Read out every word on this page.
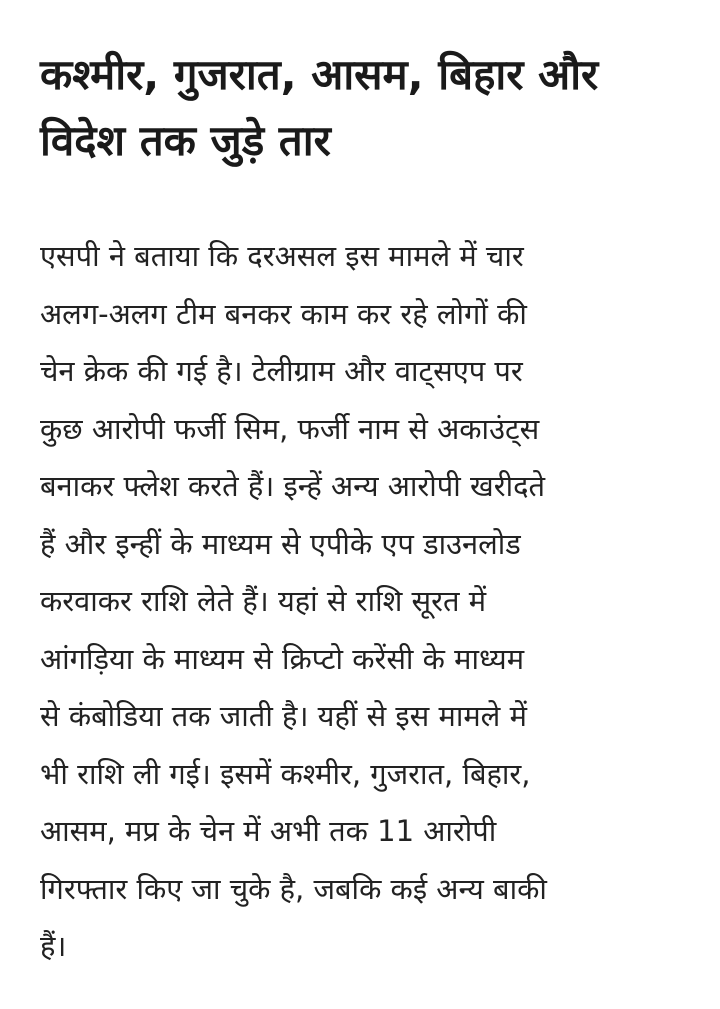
कश्मीर, गुजरात, आसम, बिहार और
विदेश तक जुड़े तार

एसपी ने बताया कि दरअसल इस मामले में चार
अलग-अलग टीम बनकर काम कर रहे लोगों की
चेन क्रेक की गई है। टेलीग्राम और वाट्सएप पर
कुछ आरोपी फर्जी सिम, फर्जी नाम से अकाउंट्स
बनाकर फ्लेश करते हैं। इन्हें अन्य आरोपी खरीदते
हैं और इन्हीं के माध्यम से एपीके एप डाउनलोड
करवाकर राशि लेते हैं। यहां से राशि सूरत में
आंगड़िया के माध्यम से क्रिप्टो करेंसी के माध्यम
से कंबोडिया तक जाती है। यहीं से इस मामले में
भी राशि ली गई। इसमें कश्मीर, गुजरात, बिहार,
आसम, मप्र के चेन में अभी तक 11 आरोपी
गिरफ्तार किए जा चुके है, जबकि कई अन्य बाकी
हैं।
